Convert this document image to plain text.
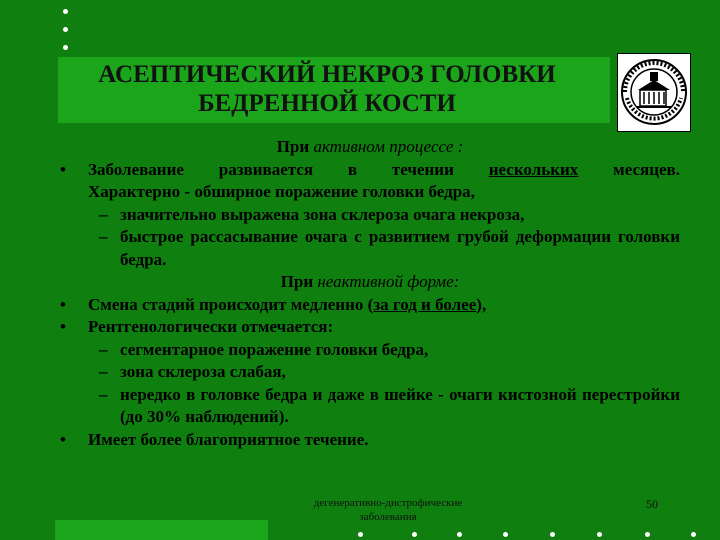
АСЕПТИЧЕСКИЙ НЕКРОЗ ГОЛОВКИ
БЕДРЕННОЙ КОСТИ

При активном процессе :

• Заболевание развивается в течении нескольких месяцев.
Характерно - обширное поражение головки бедра,
– значительно выражена зона склероза очага некроза,
– быстрое рассасывание очага с развитием грубой деформации головки бедра.

При неактивной форме:

• Смена стадий происходит медленно (за год и более),
• Рентгенологически отмечается:
– сегментарное поражение головки бедра,
– зона склероза слабая,
– нередко в головке бедра и даже в шейке - очаги кистозной перестройки (до 30% наблюдений).
• Имеет более благоприятное течение.
дегенеративно-дистрофические
заболевания
50
